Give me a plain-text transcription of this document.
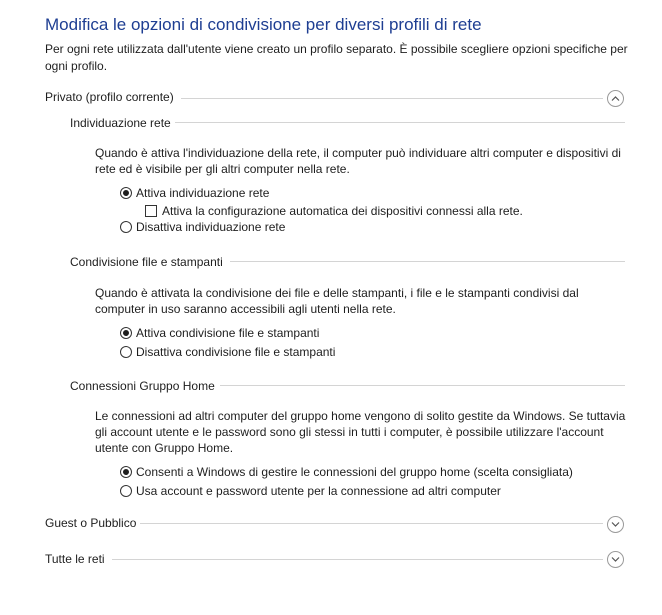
Modifica le opzioni di condivisione per diversi profili di rete
Per ogni rete utilizzata dall'utente viene creato un profilo separato. È possibile scegliere opzioni specifiche per ogni profilo.
Privato (profilo corrente)
Individuazione rete
Quando è attiva l'individuazione della rete, il computer può individuare altri computer e dispositivi di rete ed è visibile per gli altri computer nella rete.
Attiva individuazione rete
Attiva la configurazione automatica dei dispositivi connessi alla rete.
Disattiva individuazione rete
Condivisione file e stampanti
Quando è attivata la condivisione dei file e delle stampanti, i file e le stampanti condivisi dal computer in uso saranno accessibili agli utenti nella rete.
Attiva condivisione file e stampanti
Disattiva condivisione file e stampanti
Connessioni Gruppo Home
Le connessioni ad altri computer del gruppo home vengono di solito gestite da Windows. Se tuttavia gli account utente e le password sono gli stessi in tutti i computer, è possibile utilizzare l'account utente con Gruppo Home.
Consenti a Windows di gestire le connessioni del gruppo home (scelta consigliata)
Usa account e password utente per la connessione ad altri computer
Guest o Pubblico
Tutte le reti
